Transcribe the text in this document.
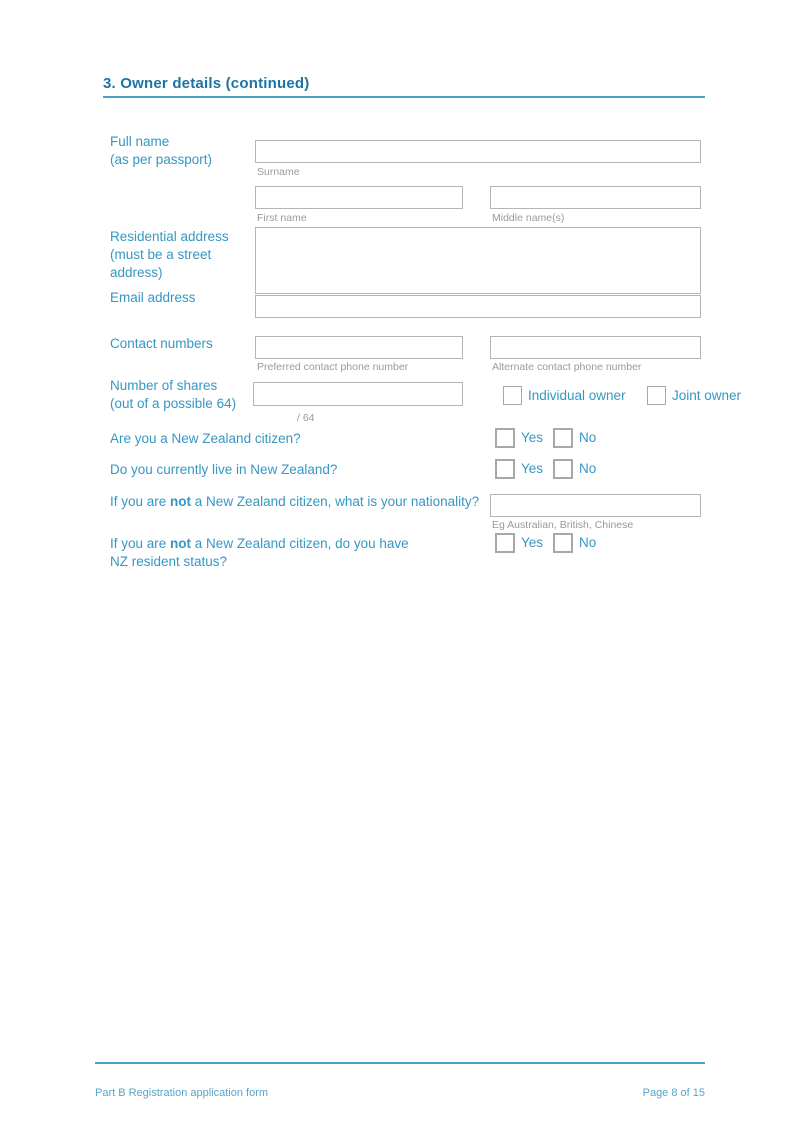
3. Owner details (continued)
Full name
(as per passport)
Surname
First name	Middle name(s)
Residential address
(must be a street
address)
Email address
Contact numbers
Preferred contact phone number	Alternate contact phone number
Number of shares
(out of a possible 64)
/ 64
Individual owner	Joint owner
Are you a New Zealand citizen?	Yes	No
Do you currently live in New Zealand?	Yes	No
If you are not a New Zealand citizen, what is your nationality?
Eg Australian, British, Chinese
If you are not a New Zealand citizen, do you have
NZ resident status?
Yes	No
Part B Registration application form	Page 8 of 15
